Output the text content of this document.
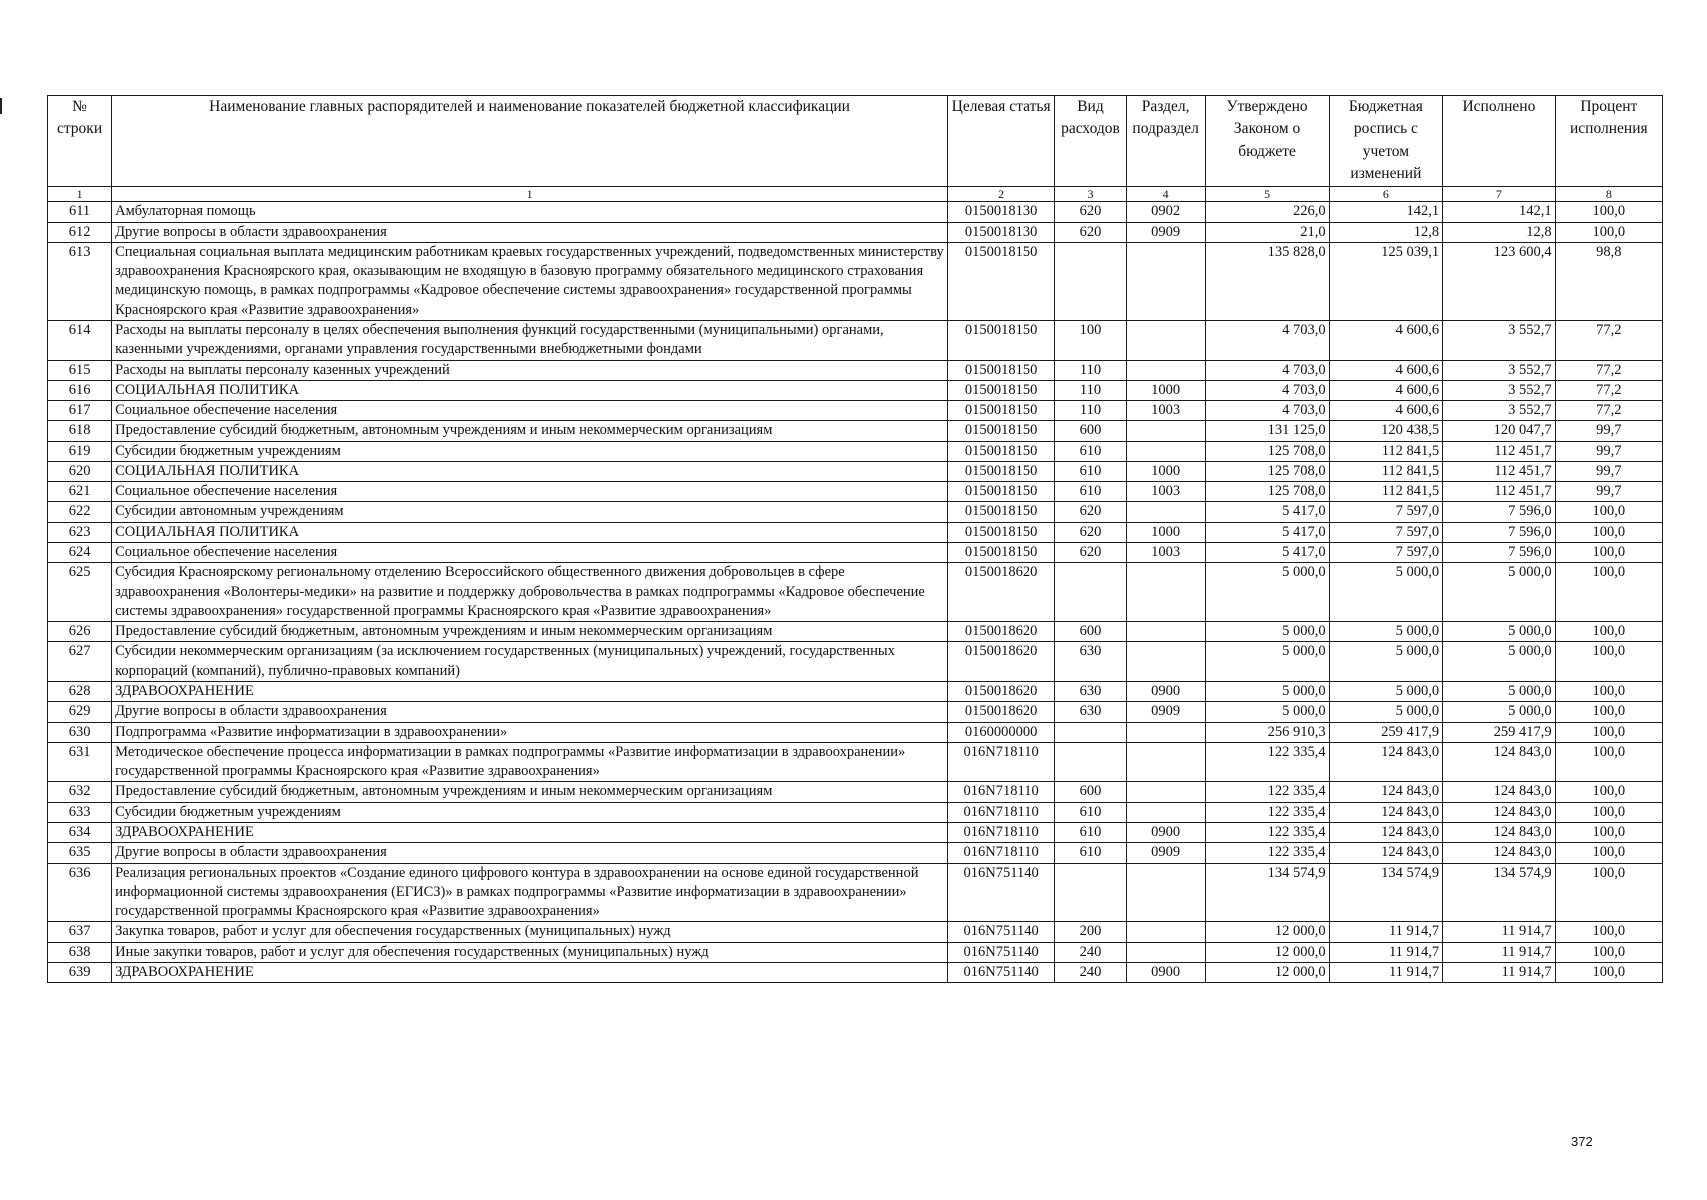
№ строки	Наименование главных распорядителей и наименование показателей бюджетной классификации	Целевая статья	Вид расходов	Раздел, подраздел	Утверждено Законом о бюджете	Бюджетная роспись с учетом изменений	Исполнено	Процент исполнения
1	1	2	3	4	5	6	7	8
611	Амбулаторная помощь	0150018130	620	0902	226,0	142,1	142,1	100,0
612	Другие вопросы в области здравоохранения	0150018130	620	0909	21,0	12,8	12,8	100,0
613	Специальная социальная выплата медицинским работникам краевых государственных учреждений, подведомственных министерству здравоохранения Красноярского края, оказывающим не входящую в базовую программу обязательного медицинского страхования медицинскую помощь, в рамках подпрограммы «Кадровое обеспечение системы здравоохранения» государственной программы Красноярского края «Развитие здравоохранения»	0150018150			135 828,0	125 039,1	123 600,4	98,8
614	Расходы на выплаты персоналу в целях обеспечения выполнения функций государственными (муниципальными) органами, казенными учреждениями, органами управления государственными внебюджетными фондами	0150018150	100		4 703,0	4 600,6	3 552,7	77,2
615	Расходы на выплаты персоналу казенных учреждений	0150018150	110		4 703,0	4 600,6	3 552,7	77,2
616	СОЦИАЛЬНАЯ ПОЛИТИКА	0150018150	110	1000	4 703,0	4 600,6	3 552,7	77,2
617	Социальное обеспечение населения	0150018150	110	1003	4 703,0	4 600,6	3 552,7	77,2
618	Предоставление субсидий бюджетным, автономным учреждениям и иным некоммерческим организациям	0150018150	600		131 125,0	120 438,5	120 047,7	99,7
619	Субсидии бюджетным учреждениям	0150018150	610		125 708,0	112 841,5	112 451,7	99,7
620	СОЦИАЛЬНАЯ ПОЛИТИКА	0150018150	610	1000	125 708,0	112 841,5	112 451,7	99,7
621	Социальное обеспечение населения	0150018150	610	1003	125 708,0	112 841,5	112 451,7	99,7
622	Субсидии автономным учреждениям	0150018150	620		5 417,0	7 597,0	7 596,0	100,0
623	СОЦИАЛЬНАЯ ПОЛИТИКА	0150018150	620	1000	5 417,0	7 597,0	7 596,0	100,0
624	Социальное обеспечение населения	0150018150	620	1003	5 417,0	7 597,0	7 596,0	100,0
625	Субсидия Красноярскому региональному отделению Всероссийского общественного движения добровольцев в сфере здравоохранения «Волонтеры-медики» на развитие и поддержку добровольчества в рамках подпрограммы «Кадровое обеспечение системы здравоохранения» государственной программы Красноярского края «Развитие здравоохранения»	0150018620			5 000,0	5 000,0	5 000,0	100,0
626	Предоставление субсидий бюджетным, автономным учреждениям и иным некоммерческим организациям	0150018620	600		5 000,0	5 000,0	5 000,0	100,0
627	Субсидии некоммерческим организациям (за исключением государственных (муниципальных) учреждений, государственных корпораций (компаний), публично-правовых компаний)	0150018620	630		5 000,0	5 000,0	5 000,0	100,0
628	ЗДРАВООХРАНЕНИЕ	0150018620	630	0900	5 000,0	5 000,0	5 000,0	100,0
629	Другие вопросы в области здравоохранения	0150018620	630	0909	5 000,0	5 000,0	5 000,0	100,0
630	Подпрограмма «Развитие информатизации в здравоохранении»	0160000000			256 910,3	259 417,9	259 417,9	100,0
631	Методическое обеспечение процесса информатизации в рамках подпрограммы «Развитие информатизации в здравоохранении» государственной программы Красноярского края «Развитие здравоохранения»	016N718110			122 335,4	124 843,0	124 843,0	100,0
632	Предоставление субсидий бюджетным, автономным учреждениям и иным некоммерческим организациям	016N718110	600		122 335,4	124 843,0	124 843,0	100,0
633	Субсидии бюджетным учреждениям	016N718110	610		122 335,4	124 843,0	124 843,0	100,0
634	ЗДРАВООХРАНЕНИЕ	016N718110	610	0900	122 335,4	124 843,0	124 843,0	100,0
635	Другие вопросы в области здравоохранения	016N718110	610	0909	122 335,4	124 843,0	124 843,0	100,0
636	Реализация региональных проектов «Создание единого цифрового контура в здравоохранении на основе единой государственной информационной системы здравоохранения (ЕГИСЗ)» в рамках подпрограммы «Развитие информатизации в здравоохранении» государственной программы Красноярского края «Развитие здравоохранения»	016N751140			134 574,9	134 574,9	134 574,9	100,0
637	Закупка товаров, работ и услуг для обеспечения государственных (муниципальных) нужд	016N751140	200		12 000,0	11 914,7	11 914,7	100,0
638	Иные закупки товаров, работ и услуг для обеспечения государственных (муниципальных) нужд	016N751140	240		12 000,0	11 914,7	11 914,7	100,0
639	ЗДРАВООХРАНЕНИЕ	016N751140	240	0900	12 000,0	11 914,7	11 914,7	100,0
372
